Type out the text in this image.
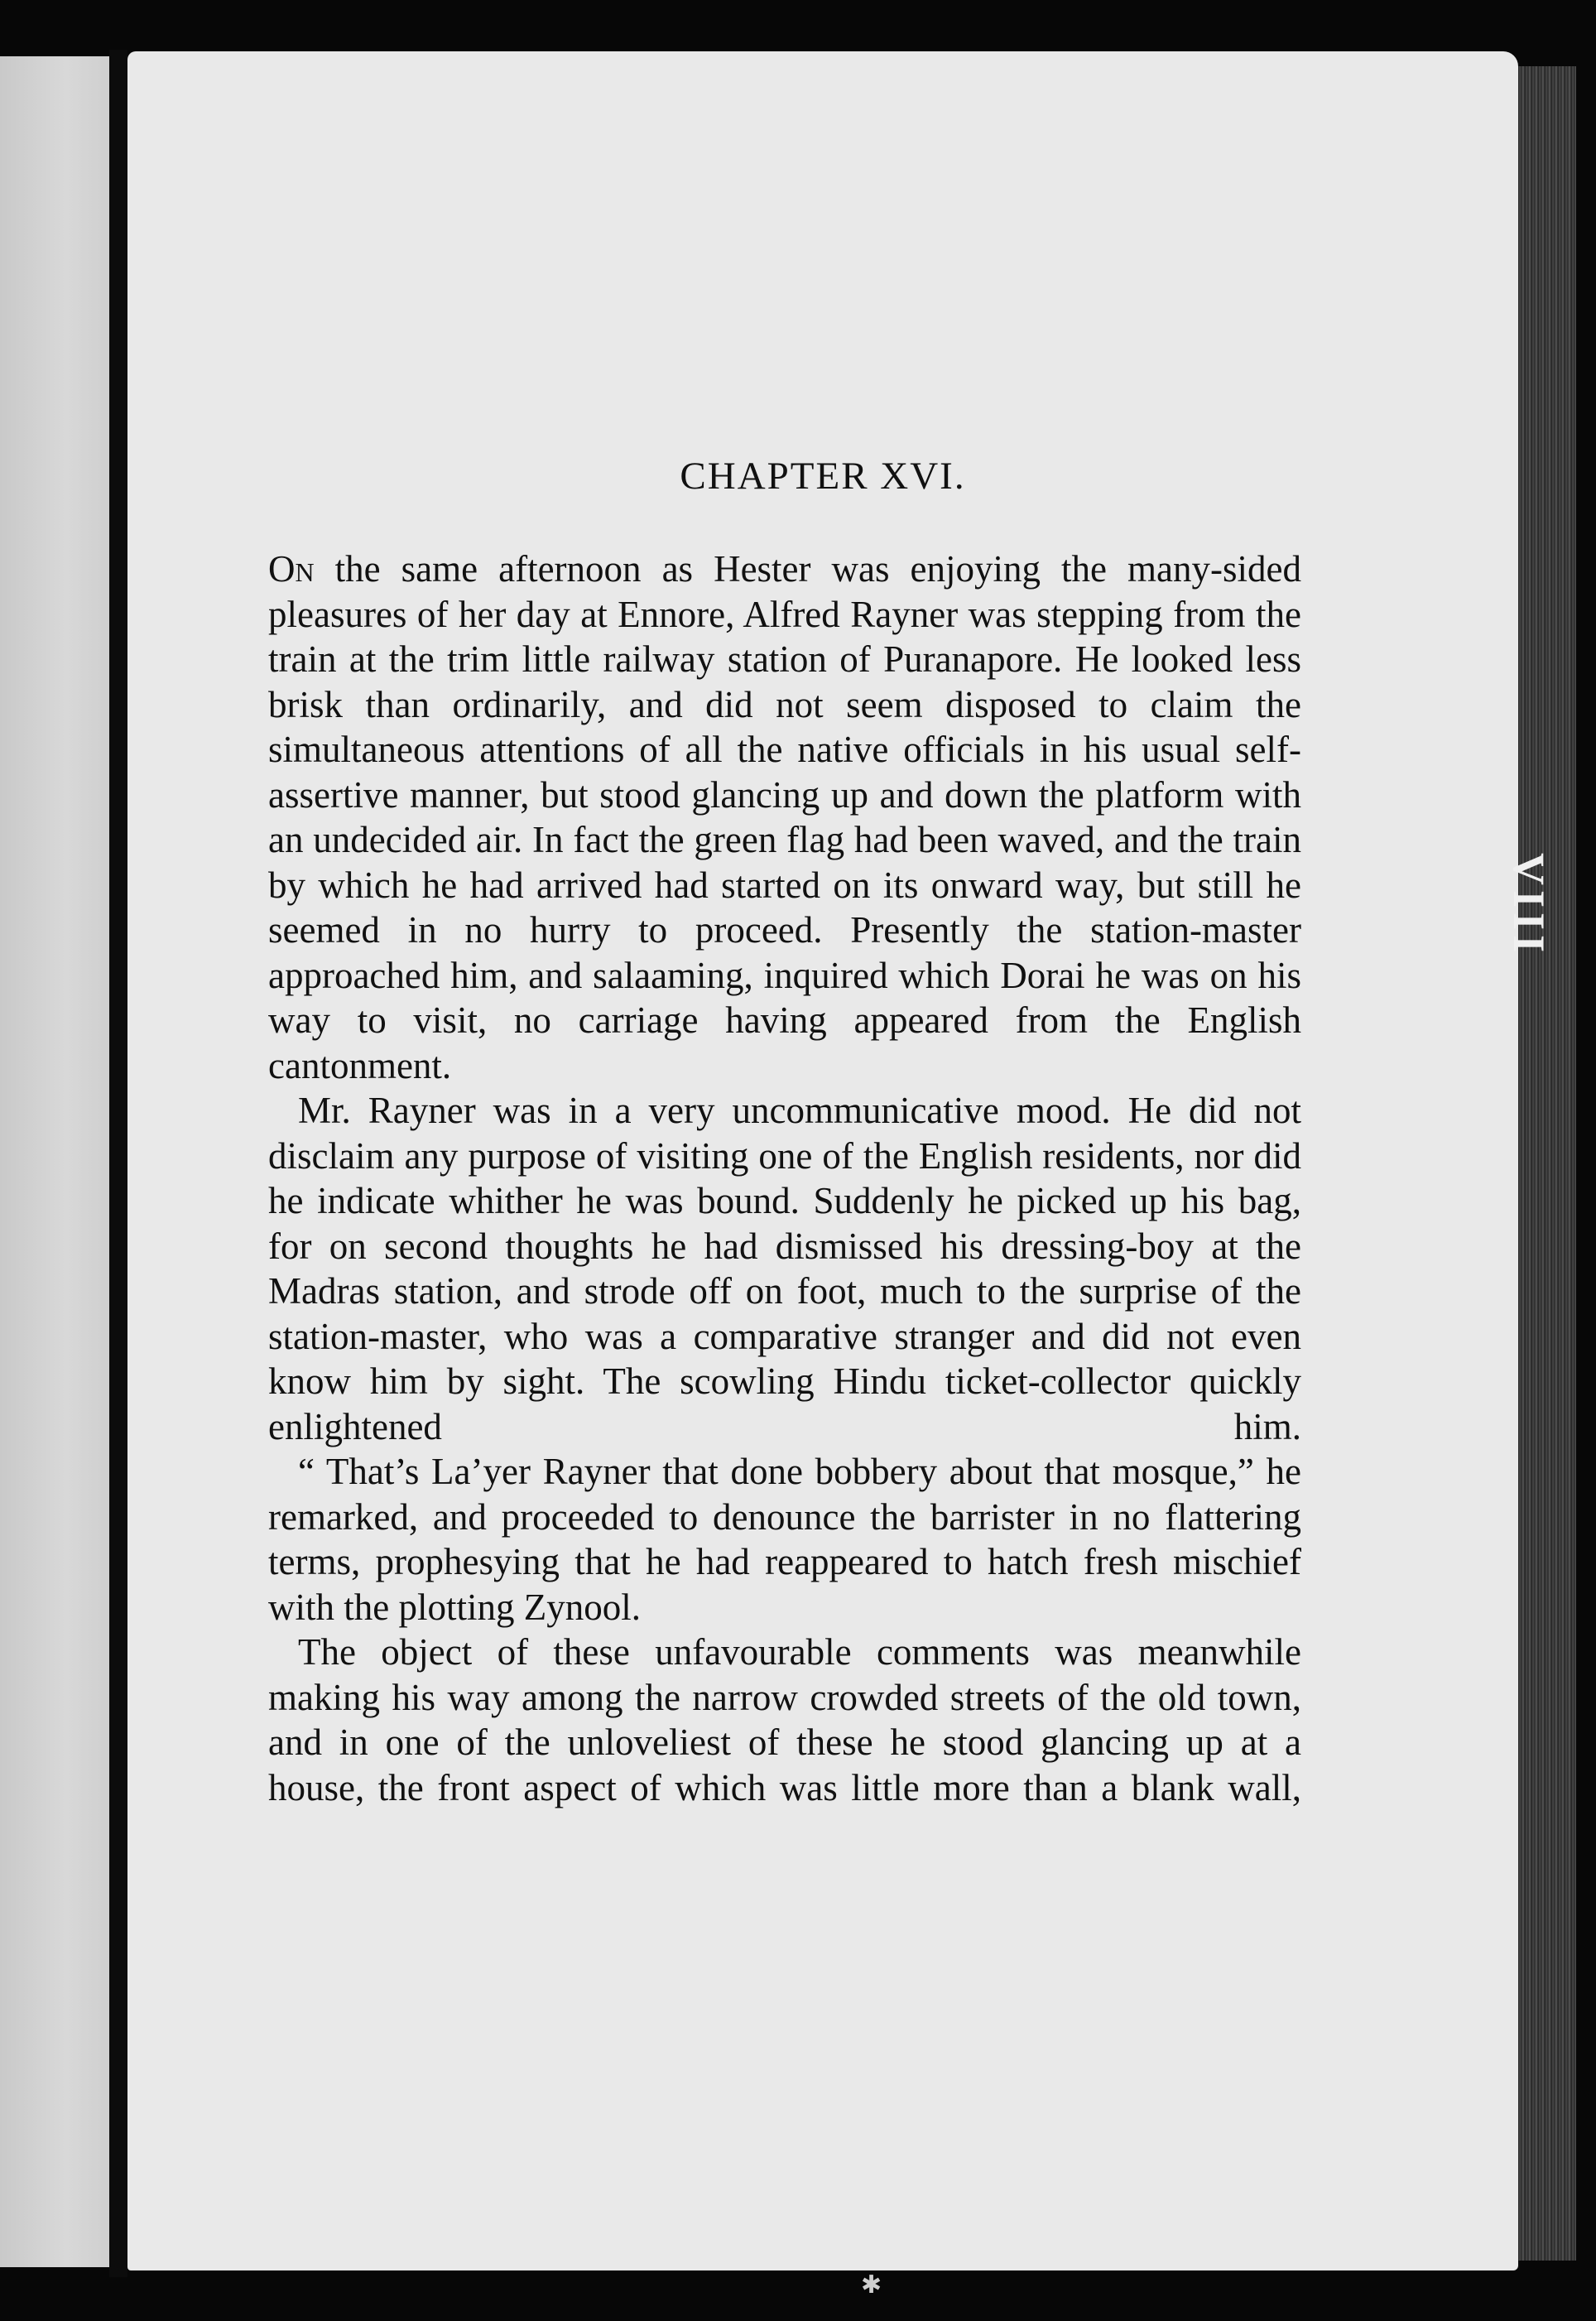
VIII
✱
CHAPTER XVI.

On the same afternoon as Hester was enjoying the many-sided pleasures of her day at Ennore, Alfred Rayner was stepping from the train at the trim little railway station of Puranapore. He looked less brisk than ordinarily, and did not seem disposed to claim the simultaneous attentions of all the native officials in his usual self-assertive manner, but stood glancing up and down the platform with an undecided air. In fact the green flag had been waved, and the train by which he had arrived had started on its onward way, but still he seemed in no hurry to proceed. Presently the station-master approached him, and salaaming, inquired which Dorai he was on his way to visit, no carriage having appeared from the English cantonment.

Mr. Rayner was in a very uncommunicative mood. He did not disclaim any purpose of visiting one of the English residents, nor did he indicate whither he was bound. Suddenly he picked up his bag, for on second thoughts he had dismissed his dressing-boy at the Madras station, and strode off on foot, much to the surprise of the station-master, who was a comparative stranger and did not even know him by sight. The scowling Hindu ticket-collector quickly enlightened him.

“ That’s La’yer Rayner that done bobbery about that mosque,” he remarked, and proceeded to denounce the barrister in no flattering terms, prophesying that he had reappeared to hatch fresh mischief with the plotting Zynool.

The object of these unfavourable comments was meanwhile making his way among the narrow crowded streets of the old town, and in one of the unloveliest of these he stood glancing up at a house, the front aspect of which was little more than a blank wall,
